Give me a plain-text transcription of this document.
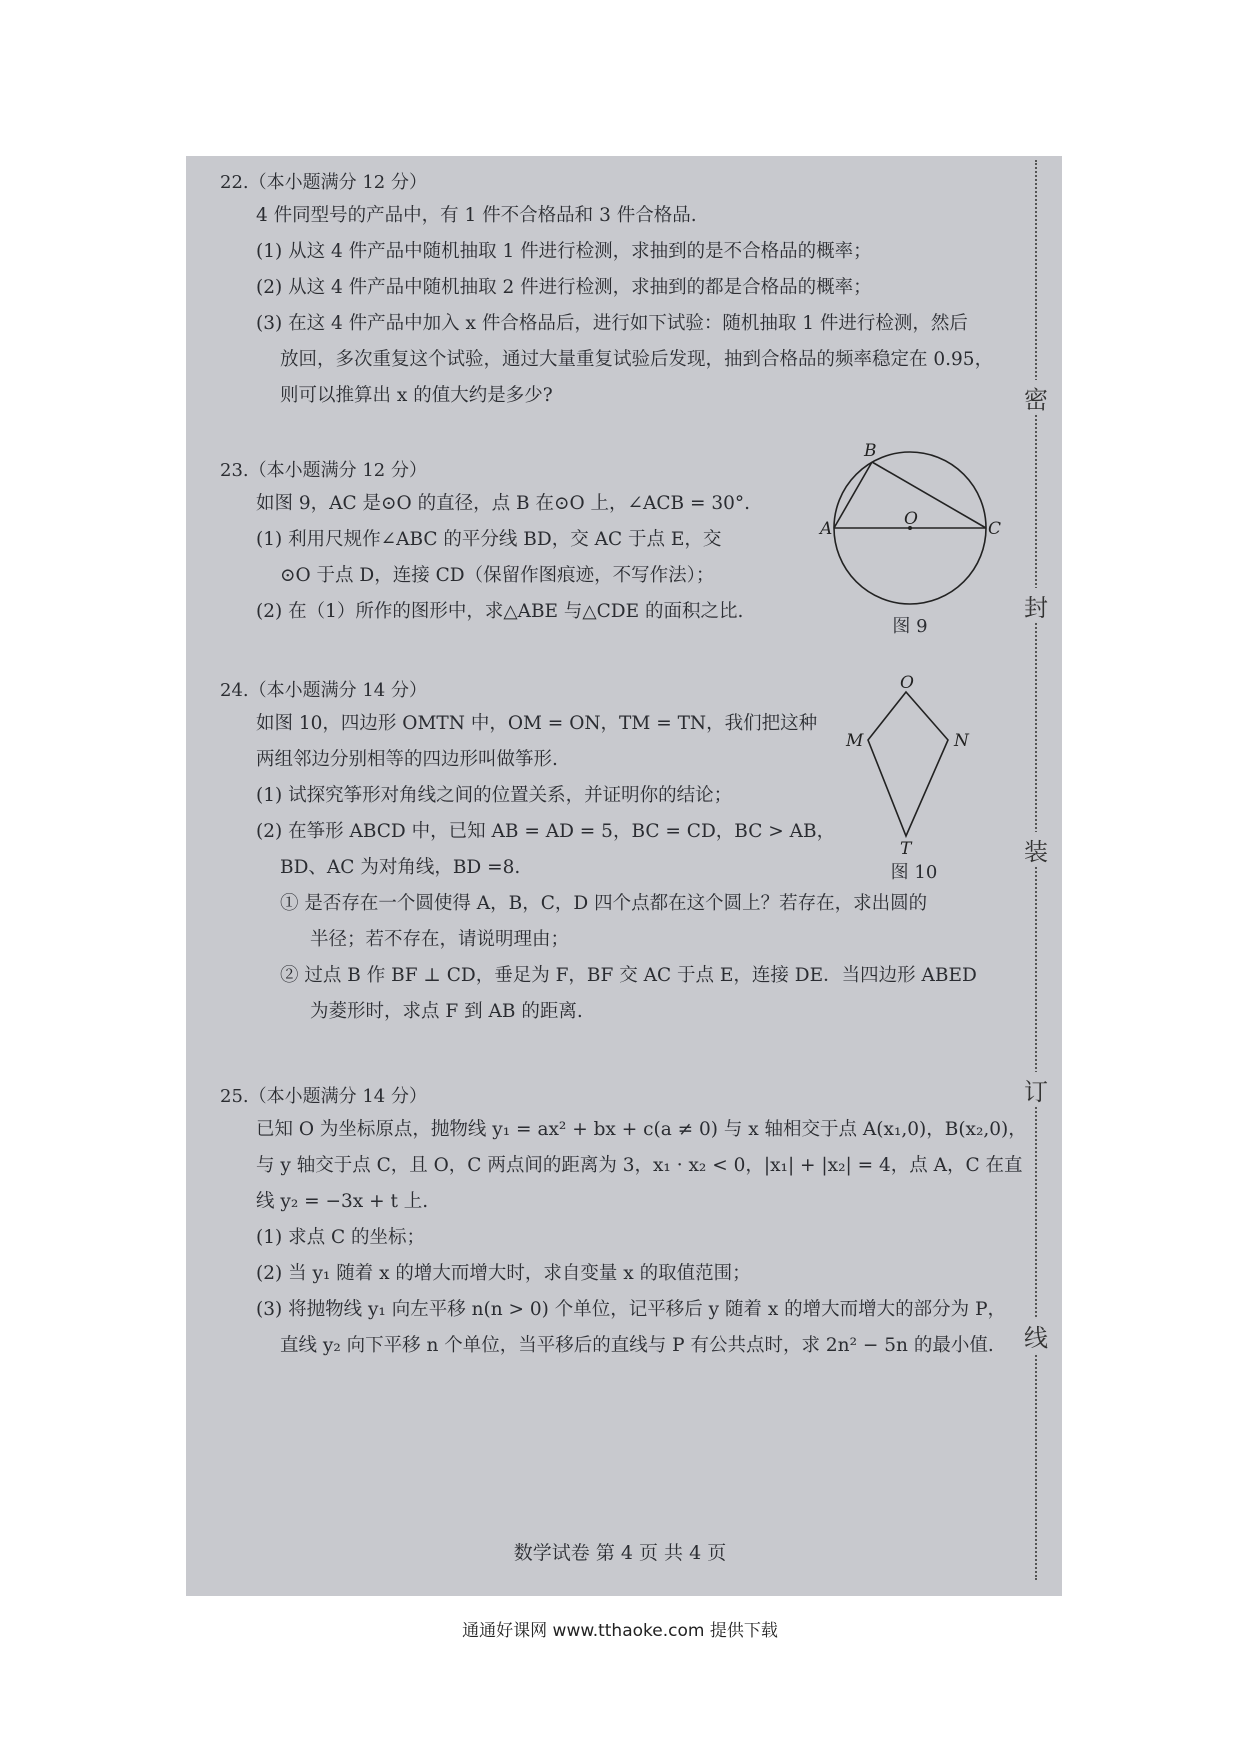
密
封
装
订
线

22.（本小题满分 12 分）

4 件同型号的产品中，有 1 件不合格品和 3 件合格品.

(1) 从这 4 件产品中随机抽取 1 件进行检测，求抽到的是不合格品的概率；

(2) 从这 4 件产品中随机抽取 2 件进行检测，求抽到的都是合格品的概率；

(3) 在这 4 件产品中加入 x 件合格品后，进行如下试验：随机抽取 1 件进行检测，然后

放回，多次重复这个试验，通过大量重复试验后发现，抽到合格品的频率稳定在 0.95，

则可以推算出 x 的值大约是多少?

23.（本小题满分 12 分）

如图 9，AC 是⊙O 的直径，点 B 在⊙O 上，∠ACB = 30°.

(1) 利用尺规作∠ABC 的平分线 BD，交 AC 于点 E，交

⊙O 于点 D，连接 CD（保留作图痕迹，不写作法）；

(2) 在（1）所作的图形中，求△ABE 与△CDE 的面积之比.

A
B
C
O
图 9

24.（本小题满分 14 分）

如图 10，四边形 OMTN 中，OM = ON，TM = TN，我们把这种

两组邻边分别相等的四边形叫做筝形.

(1) 试探究筝形对角线之间的位置关系，并证明你的结论；

(2) 在筝形 ABCD 中，已知 AB = AD = 5，BC = CD，BC > AB，

BD、AC 为对角线，BD =8.

① 是否存在一个圆使得 A，B，C，D 四个点都在这个圆上？若存在，求出圆的

半径；若不存在，请说明理由；

② 过点 B 作 BF ⊥ CD，垂足为 F，BF 交 AC 于点 E，连接 DE．当四边形 ABED

为菱形时，求点 F 到 AB 的距离.

O
M	N
T
图 10

25.（本小题满分 14 分）

已知 O 为坐标原点，抛物线 y₁ = ax² + bx + c(a ≠ 0) 与 x 轴相交于点 A(x₁,0)，B(x₂,0)，

与 y 轴交于点 C，且 O，C 两点间的距离为 3，x₁ · x₂ < 0，|x₁| + |x₂| = 4，点 A，C 在直

线 y₂ = −3x + t 上.

(1) 求点 C 的坐标；

(2) 当 y₁ 随着 x 的增大而增大时，求自变量 x 的取值范围；

(3) 将抛物线 y₁ 向左平移 n(n > 0) 个单位，记平移后 y 随着 x 的增大而增大的部分为 P，

直线 y₂ 向下平移 n 个单位，当平移后的直线与 P 有公共点时，求 2n² − 5n 的最小值.

数学试卷 第 4 页 共 4 页
通通好课网 www.tthaoke.com 提供下载
